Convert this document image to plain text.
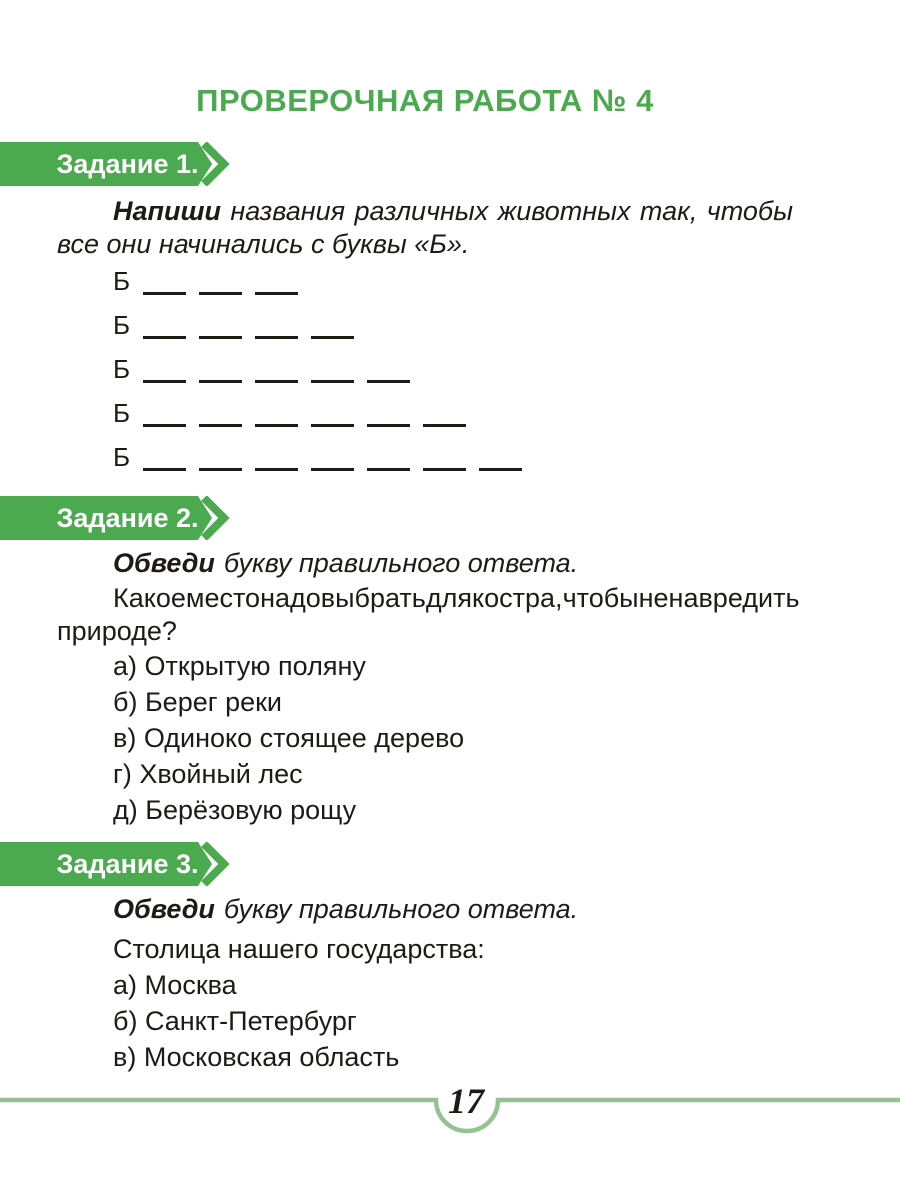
ПРОВЕРОЧНАЯ РАБОТА № 4
Задание 1.
Напиши названия различных животных так, чтобы
все они начинались с буквы «Б».
Б
Б
Б
Б
Б
Задание 2.
Обведи букву правильного ответа.
Какое место надо выбрать для костра, чтобы не навредить
природе?
а) Открытую поляну
б) Берег реки
в) Одиноко стоящее дерево
г) Хвойный лес
д) Берёзовую рощу
Задание 3.
Обведи букву правильного ответа.
Столица нашего государства:
а) Москва
б) Санкт-Петербург
в) Московская область
17
